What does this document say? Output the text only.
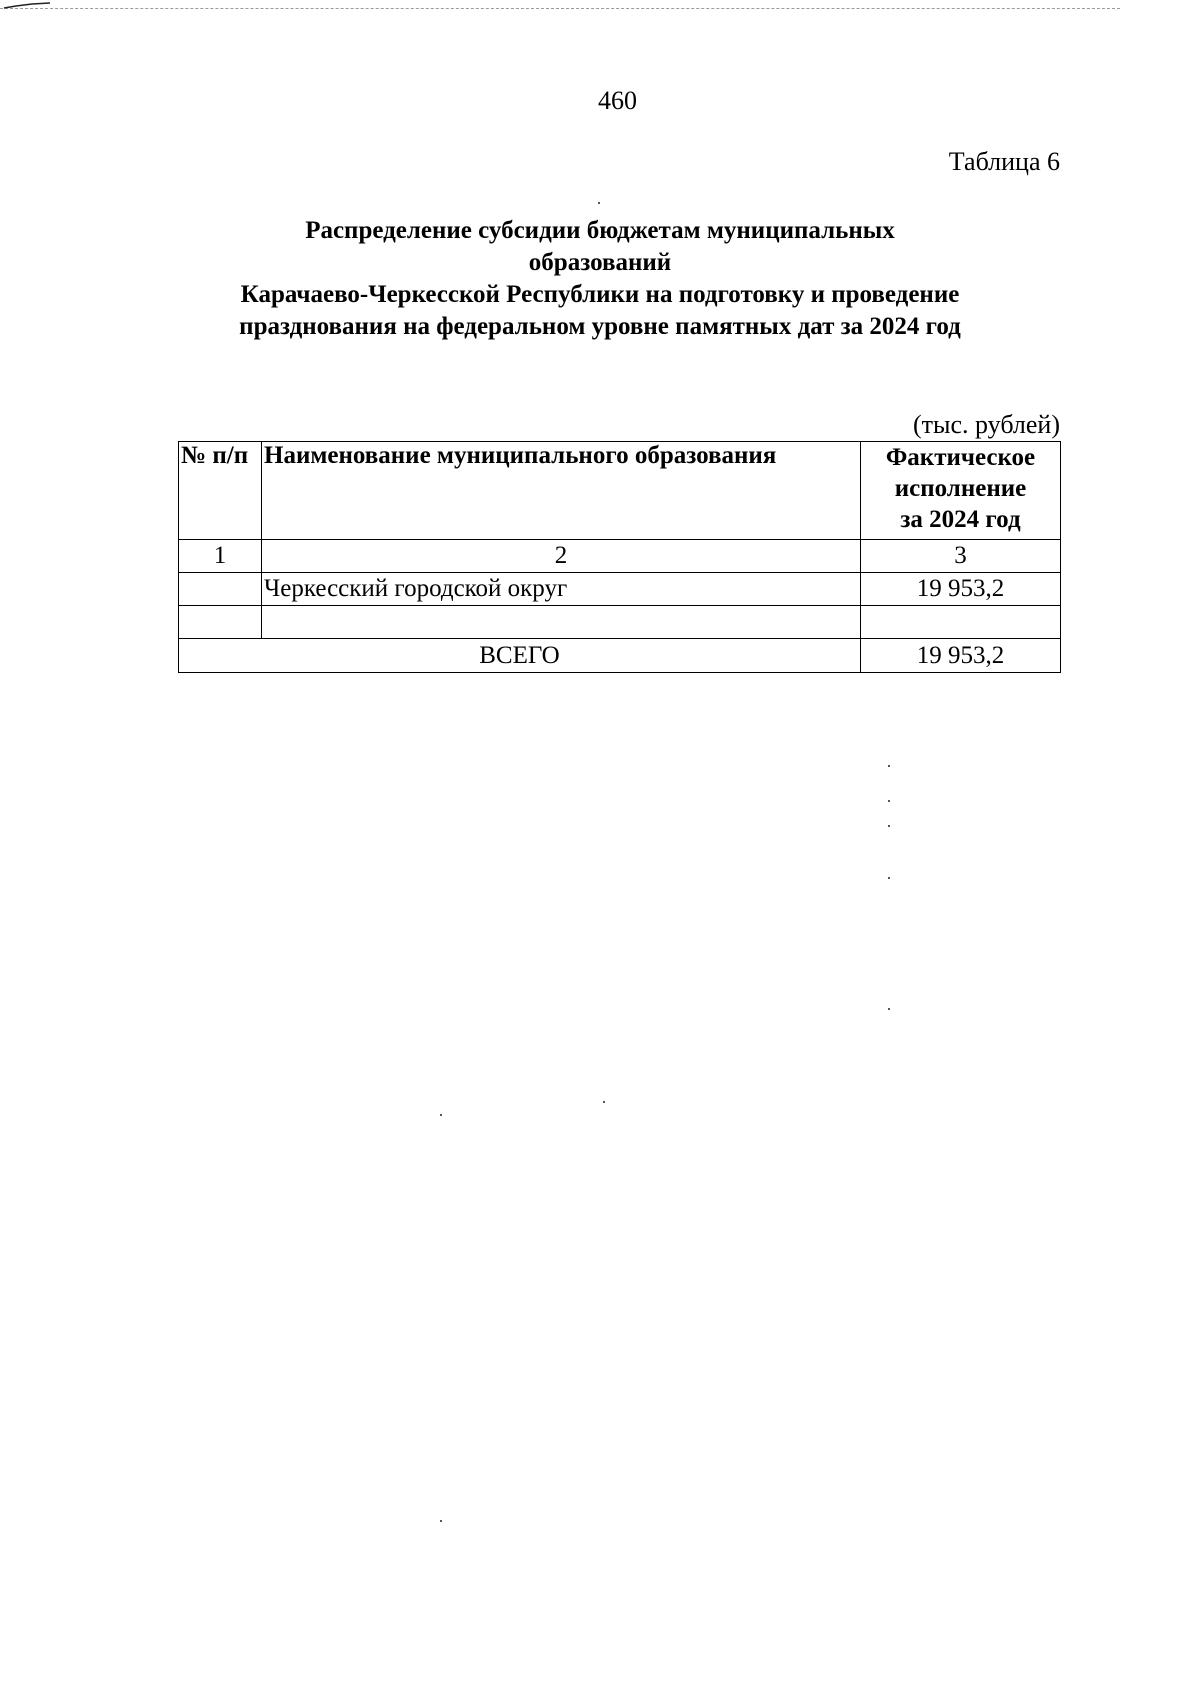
460
Таблица 6
Распределение субсидии бюджетам муниципальных
образований
Карачаево-Черкесской Республики на подготовку и проведение
празднования на федеральном уровне памятных дат за 2024 год
(тыс. рублей)
№ п/п	Наименование муниципального образования	Фактическое
исполнение
за 2024 год

1	2	3
	Черкесский городской округ	19 953,2

ВСЕГО		19 953,2
